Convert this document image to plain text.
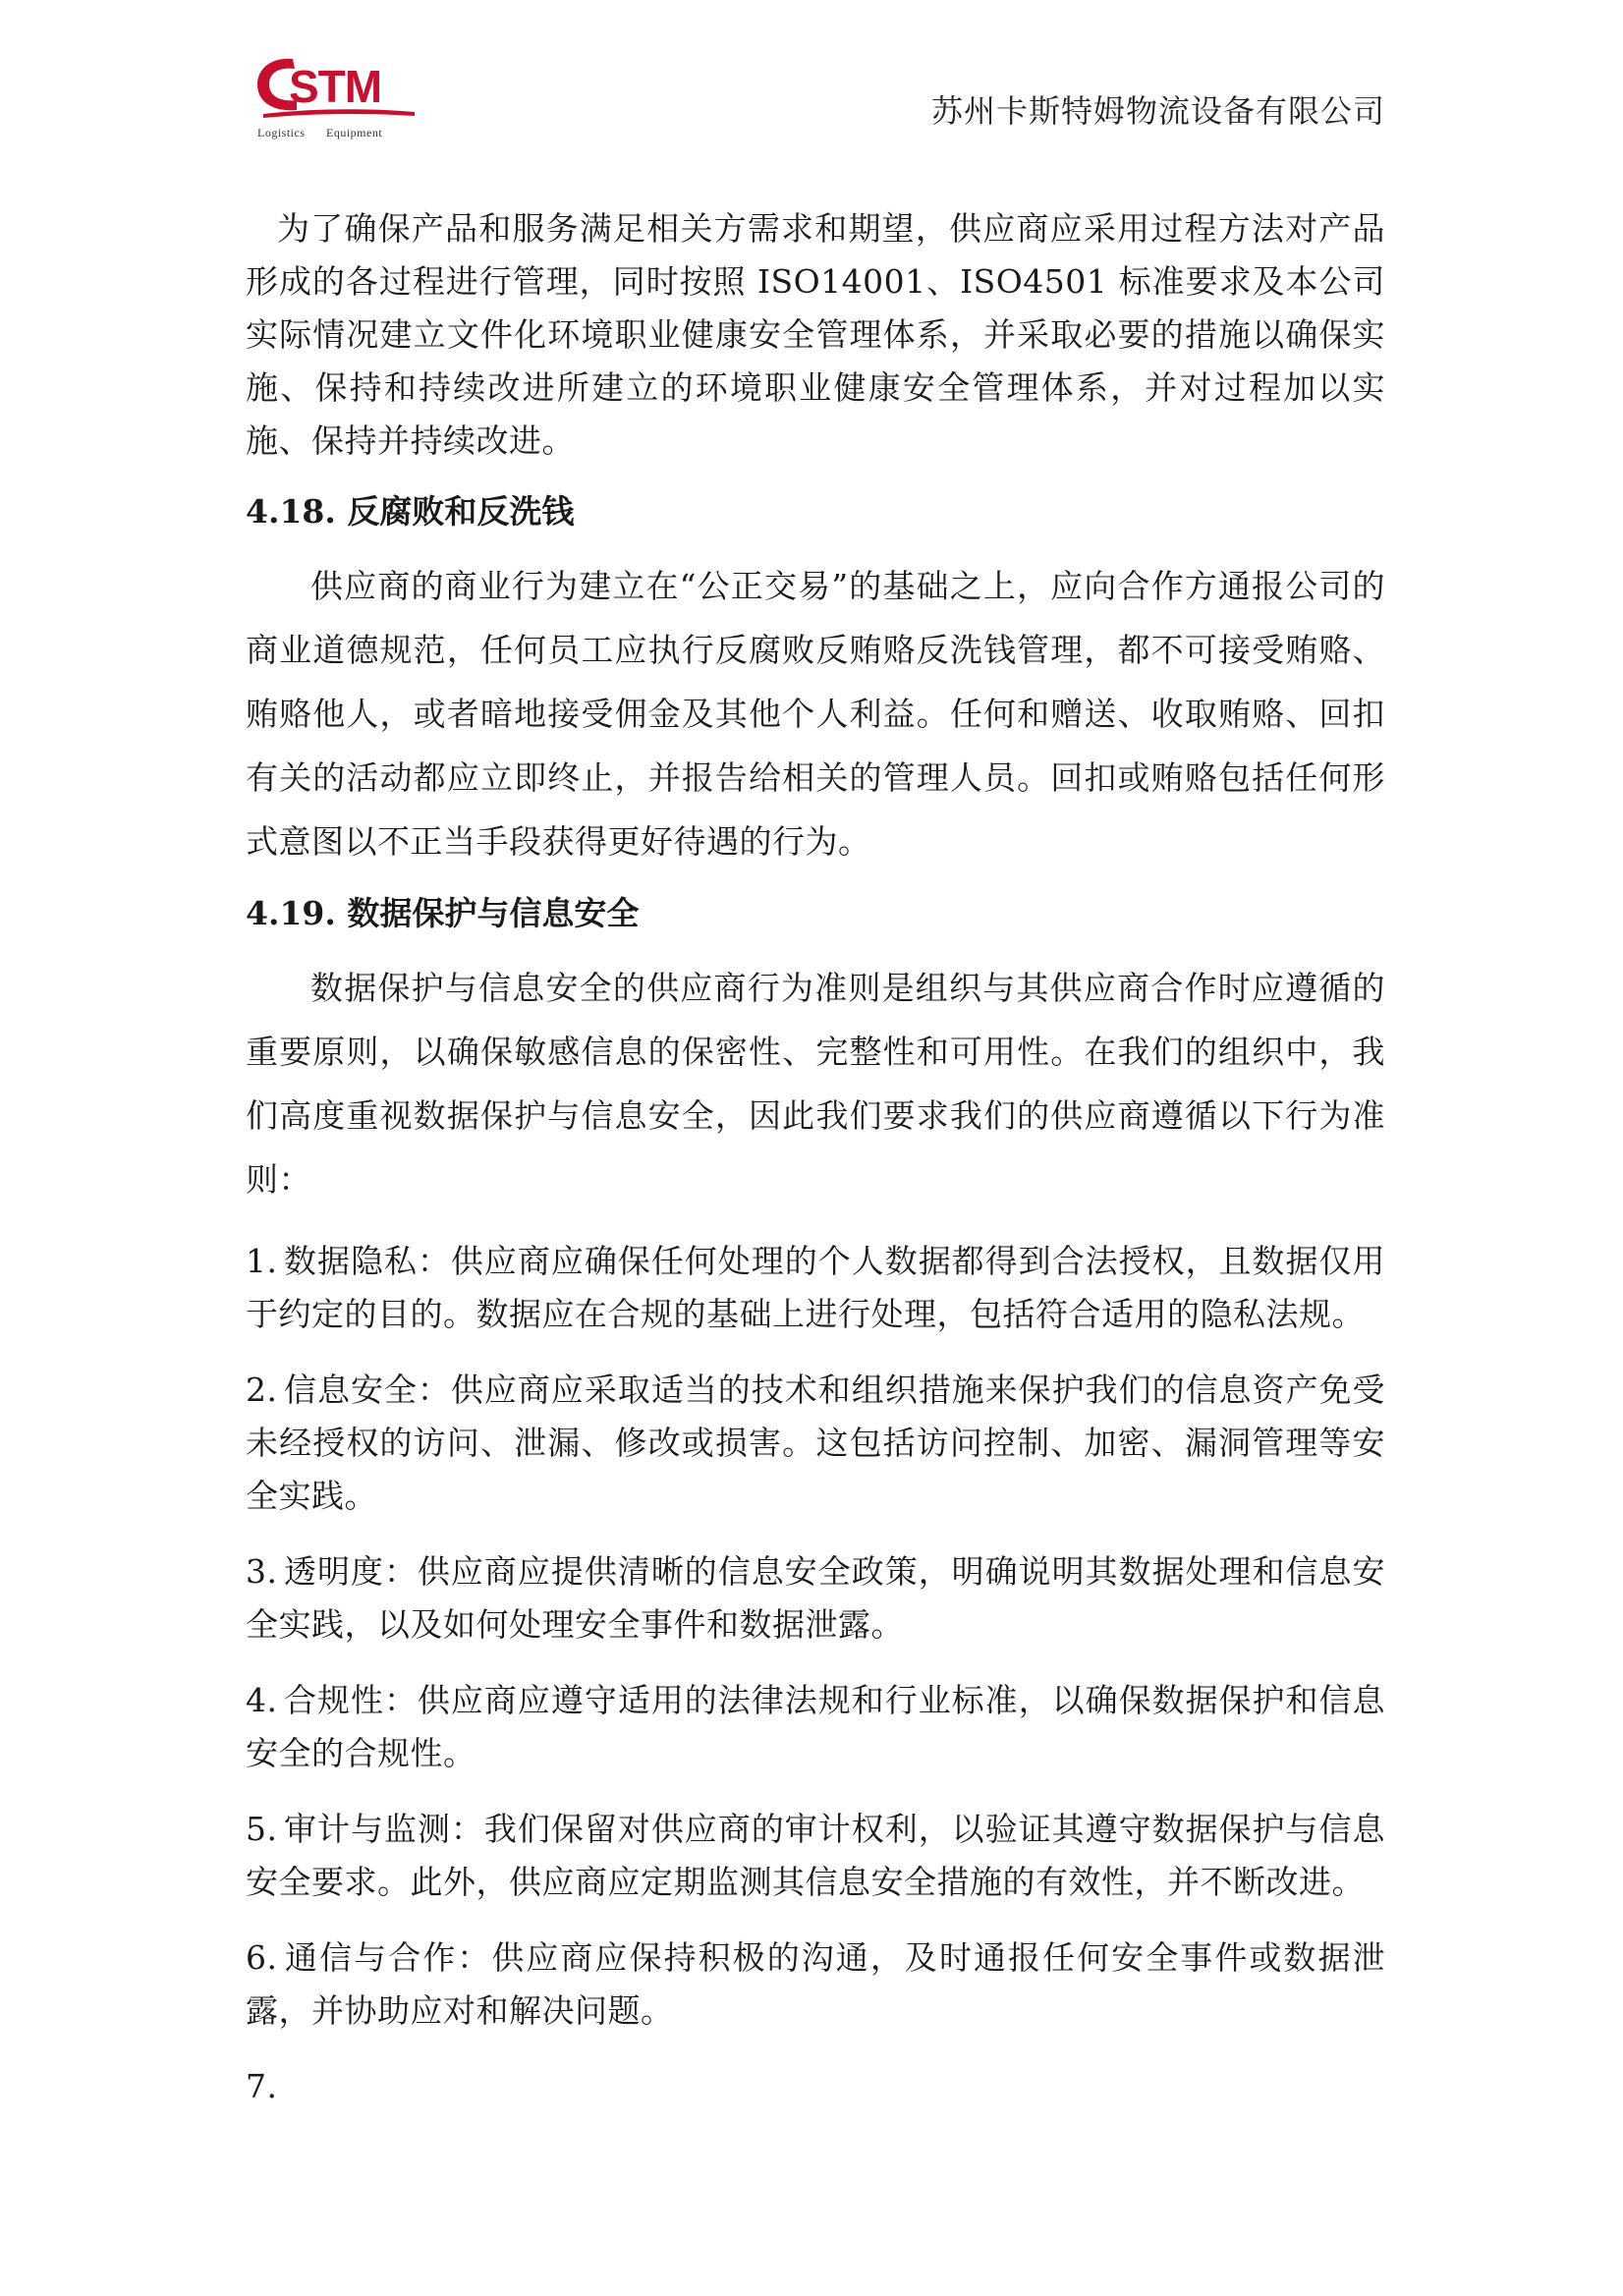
STM
Logistics Equipment
苏州卡斯特姆物流设备有限公司

为了确保产品和服务满足相关方需求和期望，供应商应采用过程方法对产品形成的各过程进行管理，同时按照 ISO14001、ISO4501 标准要求及本公司实际情况建立文件化环境职业健康安全管理体系，并采取必要的措施以确保实施、保持和持续改进所建立的环境职业健康安全管理体系，并对过程加以实施、保持并持续改进。

4.18. 反腐败和反洗钱

供应商的商业行为建立在“公正交易”的基础之上，应向合作方通报公司的商业道德规范，任何员工应执行反腐败反贿赂反洗钱管理，都不可接受贿赂、贿赂他人，或者暗地接受佣金及其他个人利益。任何和赠送、收取贿赂、回扣有关的活动都应立即终止，并报告给相关的管理人员。回扣或贿赂包括任何形式意图以不正当手段获得更好待遇的行为。

4.19. 数据保护与信息安全

数据保护与信息安全的供应商行为准则是组织与其供应商合作时应遵循的重要原则，以确保敏感信息的保密性、完整性和可用性。在我们的组织中，我们高度重视数据保护与信息安全，因此我们要求我们的供应商遵循以下行为准则：

1. 数据隐私：供应商应确保任何处理的个人数据都得到合法授权，且数据仅用于约定的目的。数据应在合规的基础上进行处理，包括符合适用的隐私法规。
2. 信息安全：供应商应采取适当的技术和组织措施来保护我们的信息资产免受未经授权的访问、泄漏、修改或损害。这包括访问控制、加密、漏洞管理等安全实践。
3. 透明度：供应商应提供清晰的信息安全政策，明确说明其数据处理和信息安全实践，以及如何处理安全事件和数据泄露。
4. 合规性：供应商应遵守适用的法律法规和行业标准，以确保数据保护和信息安全的合规性。
5. 审计与监测：我们保留对供应商的审计权利，以验证其遵守数据保护与信息安全要求。此外，供应商应定期监测其信息安全措施的有效性，并不断改进。
6. 通信与合作：供应商应保持积极的沟通，及时通报任何安全事件或数据泄露，并协助应对和解决问题。
7.
